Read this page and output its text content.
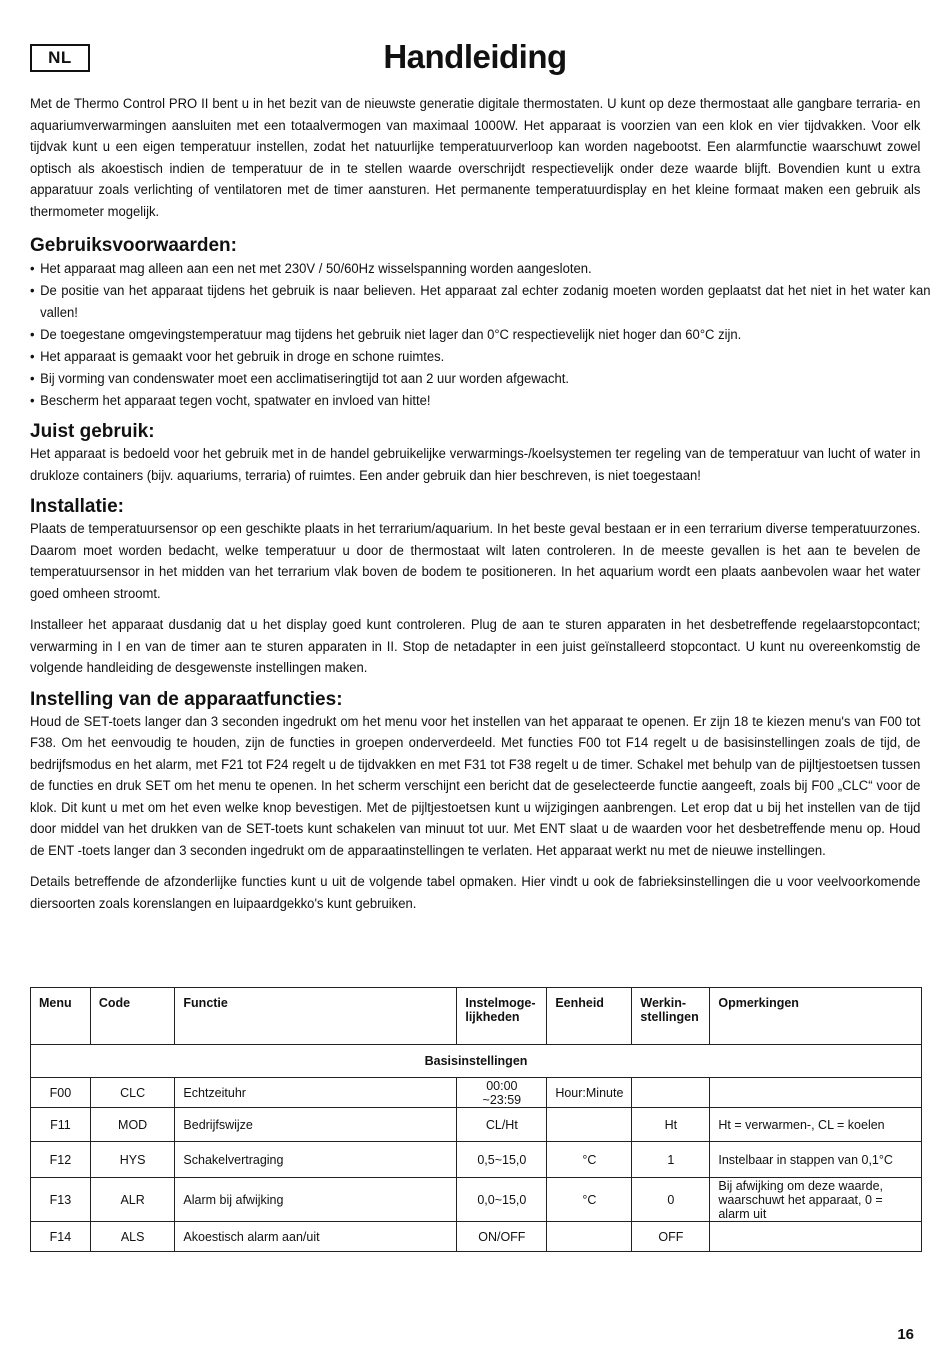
NL	Handleiding

Met de Thermo Control PRO II bent u in het bezit van de nieuwste generatie digitale thermostaten. U kunt op deze thermostaat alle gangbare terraria- en aquariumverwarmingen aansluiten met een totaalvermogen van maximaal 1000W. Het apparaat is voorzien van een klok en vier tijdvakken. Voor elk tijdvak kunt u een eigen temperatuur instellen, zodat het natuurlijke temperatuurverloop kan worden nagebootst. Een alarmfunctie waarschuwt zowel optisch als akoestisch indien de temperatuur de in te stellen waarde overschrijdt respectievelijk onder deze waarde blijft. Bovendien kunt u extra apparatuur zoals verlichting of ventilatoren met de timer aansturen. Het permanente temperatuurdisplay en het kleine formaat maken een gebruik als thermometer mogelijk.

Gebruiksvoorwaarden:
• Het apparaat mag alleen aan een net met 230V / 50/60Hz wisselspanning worden aangesloten.
• De positie van het apparaat tijdens het gebruik is naar believen. Het apparaat zal echter zodanig moeten worden geplaatst dat het niet in het water kan vallen!
• De toegestane omgevingstemperatuur mag tijdens het gebruik niet lager dan 0°C respectievelijk niet hoger dan 60°C zijn.
• Het apparaat is gemaakt voor het gebruik in droge en schone ruimtes.
• Bij vorming van condenswater moet een acclimatiseringtijd tot aan 2 uur worden afgewacht.
• Bescherm het apparaat tegen vocht, spatwater en invloed van hitte!
Juist gebruik:

Het apparaat is bedoeld voor het gebruik met in de handel gebruikelijke verwarmings-/koelsystemen ter regeling van de temperatuur van lucht of water in drukloze containers (bijv. aquariums, terraria) of ruimtes. Een ander gebruik dan hier beschreven, is niet toegestaan!

Installatie:

Plaats de temperatuursensor op een geschikte plaats in het terrarium/aquarium. In het beste geval bestaan er in een terrarium diverse temperatuurzones. Daarom moet worden bedacht, welke temperatuur u door de thermostaat wilt laten controleren. In de meeste gevallen is het aan te bevelen de temperatuursensor in het midden van het terrarium vlak boven de bodem te positioneren. In het aquarium wordt een plaats aanbevolen waar het water goed omheen stroomt.

Installeer het apparaat dusdanig dat u het display goed kunt controleren. Plug de aan te sturen apparaten in het desbetreffende regelaarstopcontact; verwarming in I en van de timer aan te sturen apparaten in II. Stop de netadapter in een juist geïnstalleerd stopcontact. U kunt nu overeenkomstig de volgende handleiding de desgewenste instellingen maken.

Instelling van de apparaatfuncties:

Houd de SET-toets langer dan 3 seconden ingedrukt om het menu voor het instellen van het apparaat te openen. Er zijn 18 te kiezen menu's van F00 tot F38. Om het eenvoudig te houden, zijn de functies in groepen onderverdeeld. Met functies F00 tot F14 regelt u de basisinstellingen zoals de tijd, de bedrijfsmodus en het alarm, met F21 tot F24 regelt u de tijdvakken en met F31 tot F38 regelt u de timer. Schakel met behulp van de pijltjestoetsen tussen de functies en druk SET om het menu te openen. In het scherm verschijnt een bericht dat de geselecteerde functie aangeeft, zoals bij F00 „CLC“ voor de klok. Dit kunt u met om het even welke knop bevestigen. Met de pijltjestoetsen kunt u wijzigingen aanbrengen. Let erop dat u bij het instellen van de tijd door middel van het drukken van de SET-toets kunt schakelen van minuut tot uur. Met ENT slaat u de waarden voor het desbetreffende menu op. Houd de ENT -toets langer dan 3 seconden ingedrukt om de apparaatinstellingen te verlaten. Het apparaat werkt nu met de nieuwe instellingen.

Details betreffende de afzonderlijke functies kunt u uit de volgende tabel opmaken. Hier vindt u ook de fabrieksinstellingen die u voor veelvoorkomende diersoorten zoals korenslangen en luipaardgekko's kunt gebruiken.

Menu	Code	Functie	Instelmoge-lijkheden	Eenheid	Werkin-stellingen	Opmerkingen
Basisinstellingen						
F00	CLC	Echtzeituhr	00:00 ~23:59	Hour:Minute		
F11	MOD	Bedrijfswijze	CL/Ht		Ht	Ht = verwarmen-, CL = koelen
F12	HYS	Schakelvertraging	0,5~15,0	°C	1	Instelbaar in stappen van 0,1°C
F13	ALR	Alarm bij afwijking	0,0~15,0	°C	0	Bij afwijking om deze waarde, waarschuwt het apparaat, 0 = alarm uit
F14	ALS	Akoestisch alarm aan/uit	ON/OFF		OFF	
16
